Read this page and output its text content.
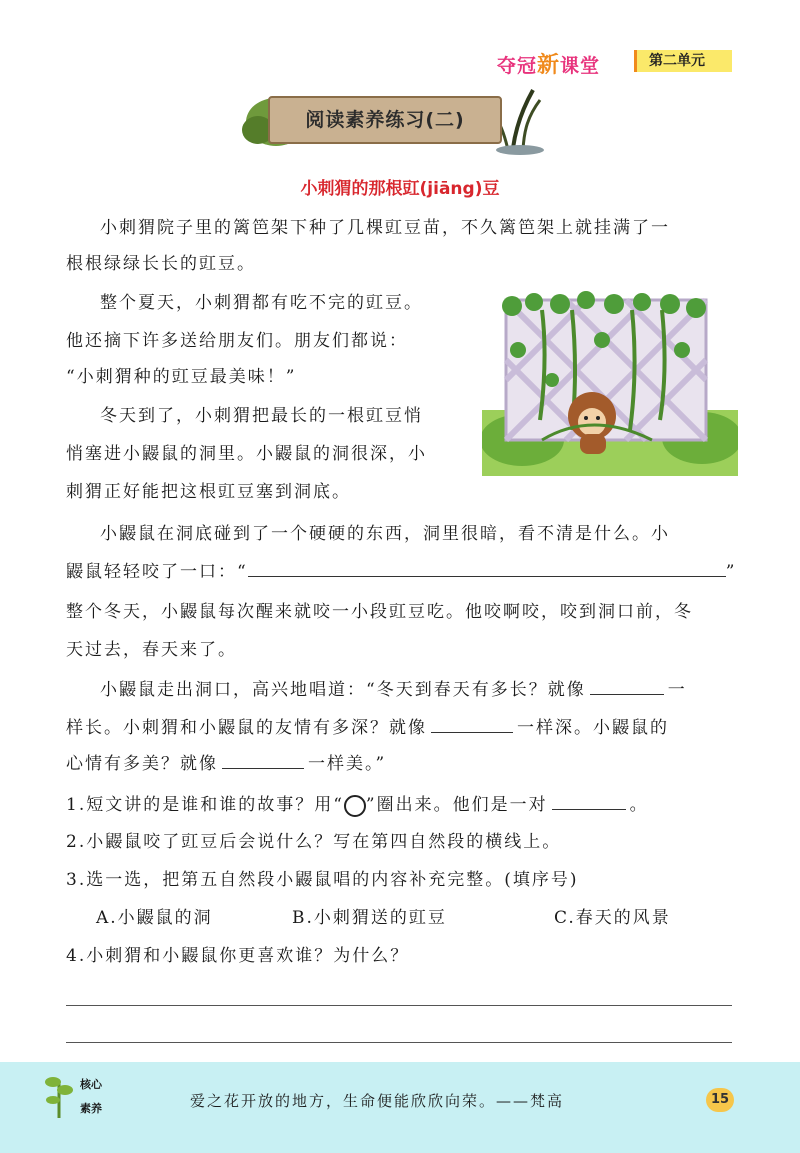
夺冠新课堂	第二单元
阅读素养练习(二)
小刺猬的那根豇(jiāng)豆
小刺猬院子里的篱笆架下种了几棵豇豆苗，不久篱笆架上就挂满了一
根根绿绿长长的豇豆。
整个夏天，小刺猬都有吃不完的豇豆。
他还摘下许多送给朋友们。朋友们都说：
“小刺猬种的豇豆最美味！”
冬天到了，小刺猬把最长的一根豇豆悄
悄塞进小鼹鼠的洞里。小鼹鼠的洞很深，小
刺猬正好能把这根豇豆塞到洞底。
小鼹鼠在洞底碰到了一个硬硬的东西，洞里很暗，看不清是什么。小
鼹鼠轻轻咬了一口：“	”
整个冬天，小鼹鼠每次醒来就咬一小段豇豆吃。他咬啊咬，咬到洞口前，冬
天过去，春天来了。
小鼹鼠走出洞口，高兴地唱道：“冬天到春天有多长？就像	一
样长。小刺猬和小鼹鼠的友情有多深？就像	一样深。小鼹鼠的
心情有多美？就像	一样美。”
1.短文讲的是谁和谁的故事？用“ ”圈出来。他们是一对	。
2.小鼹鼠咬了豇豆后会说什么？写在第四自然段的横线上。
3.选一选，把第五自然段小鼹鼠唱的内容补充完整。(填序号)
A.小鼹鼠的洞	B.小刺猬送的豇豆	C.春天的风景
4.小刺猬和小鼹鼠你更喜欢谁？为什么？
核心
素养	爱之花开放的地方，生命便能欣欣向荣。——梵高	15
